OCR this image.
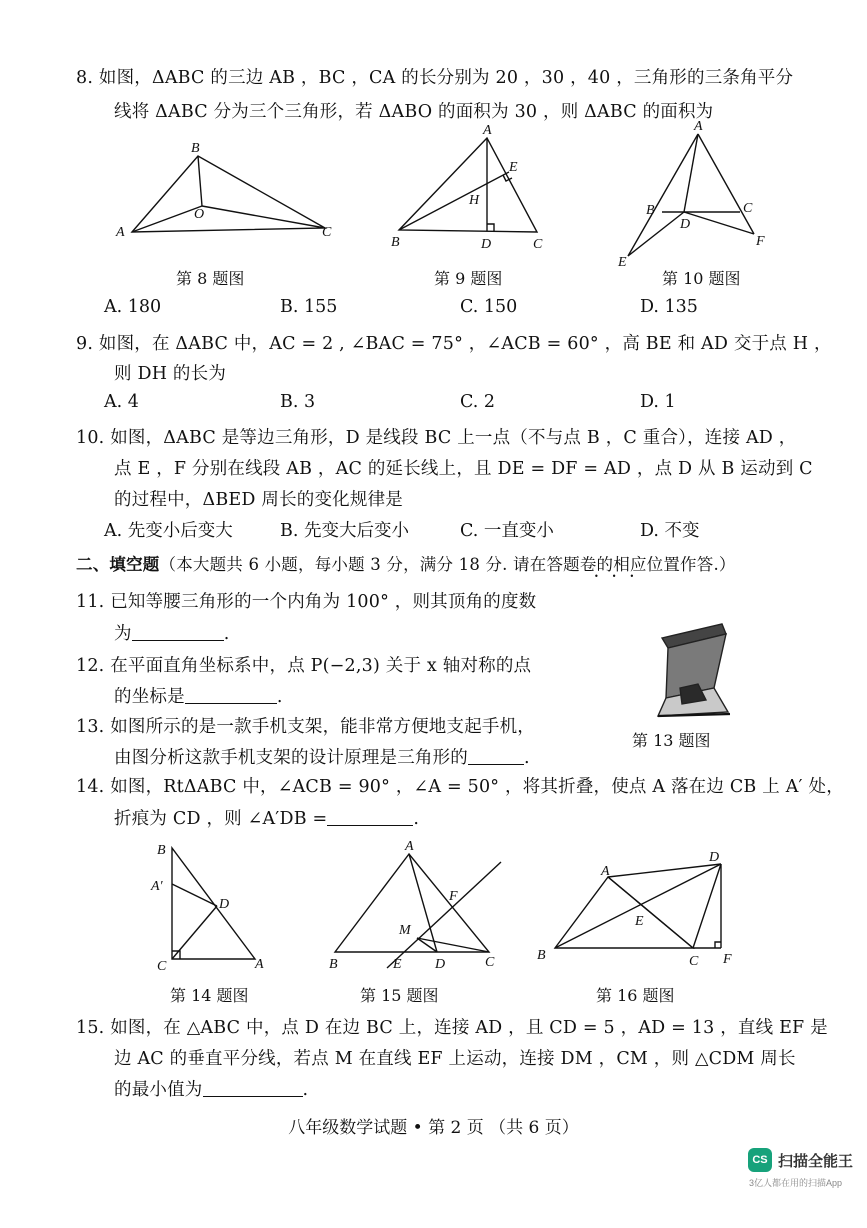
8. 如图，ΔABC 的三边 AB ，BC ，CA 的长分别为 20 ，30 ，40 ，三角形的三条角平分
线将 ΔABC 分为三个三角形，若 ΔABO 的面积为 30 ，则 ΔABC 的面积为
A
B
C
O
第 8 题图
A
B	C
D
E
H
第 9 题图
A
B	C
D
E
F
第 10 题图
A. 180	B. 155	C. 150	D. 135
9. 如图，在 ΔABC 中，AC = 2 , ∠BAC = 75° ，∠ACB = 60° ，高 BE 和 AD 交于点 H ，
则 DH 的长为
A. 4	B. 3	C. 2	D. 1
10. 如图，ΔABC 是等边三角形，D 是线段 BC 上一点（不与点 B ，C 重合），连接 AD ，
点 E ，F 分别在线段 AB ，AC 的延长线上，且 DE = DF = AD ，点 D 从 B 运动到 C
的过程中，ΔBED 周长的变化规律是
A. 先变小后变大	B. 先变大后变小	C. 一直变小	D. 不变
二、填空题（本大题共 6 小题，每小题 3 分，满分 18 分. 请在答题卷的相应位置作答.）
•••
11. 已知等腰三角形的一个内角为 100° ，则其顶角的度数
为	.
12. 在平面直角坐标系中，点 P(−2,3) 关于 x 轴对称的点
的坐标是	.
13. 如图所示的是一款手机支架，能非常方便地支起手机，
由图分析这款手机支架的设计原理是三角形的	.
第 13 题图
14. 如图，RtΔABC 中，∠ACB = 90° ，∠A = 50° ，将其折叠，使点 A 落在边 CB 上 A′ 处，
折痕为 CD ，则 ∠A′DB =	.
B
A′
D
C	A
第 14 题图
A
B	C
D
E
F
M
第 15 题图
A
B	C
D
E
F
第 16 题图
15. 如图，在 △ABC 中，点 D 在边 BC 上，连接 AD ，且 CD = 5 ，AD = 13 ，直线 EF 是
边 AC 的垂直平分线，若点 M 在直线 EF 上运动，连接 DM ，CM ，则 △CDM 周长
的最小值为	.
八年级数学试题 • 第 2 页 （共 6 页）
CS 扫描全能王
3亿人都在用的扫描App
